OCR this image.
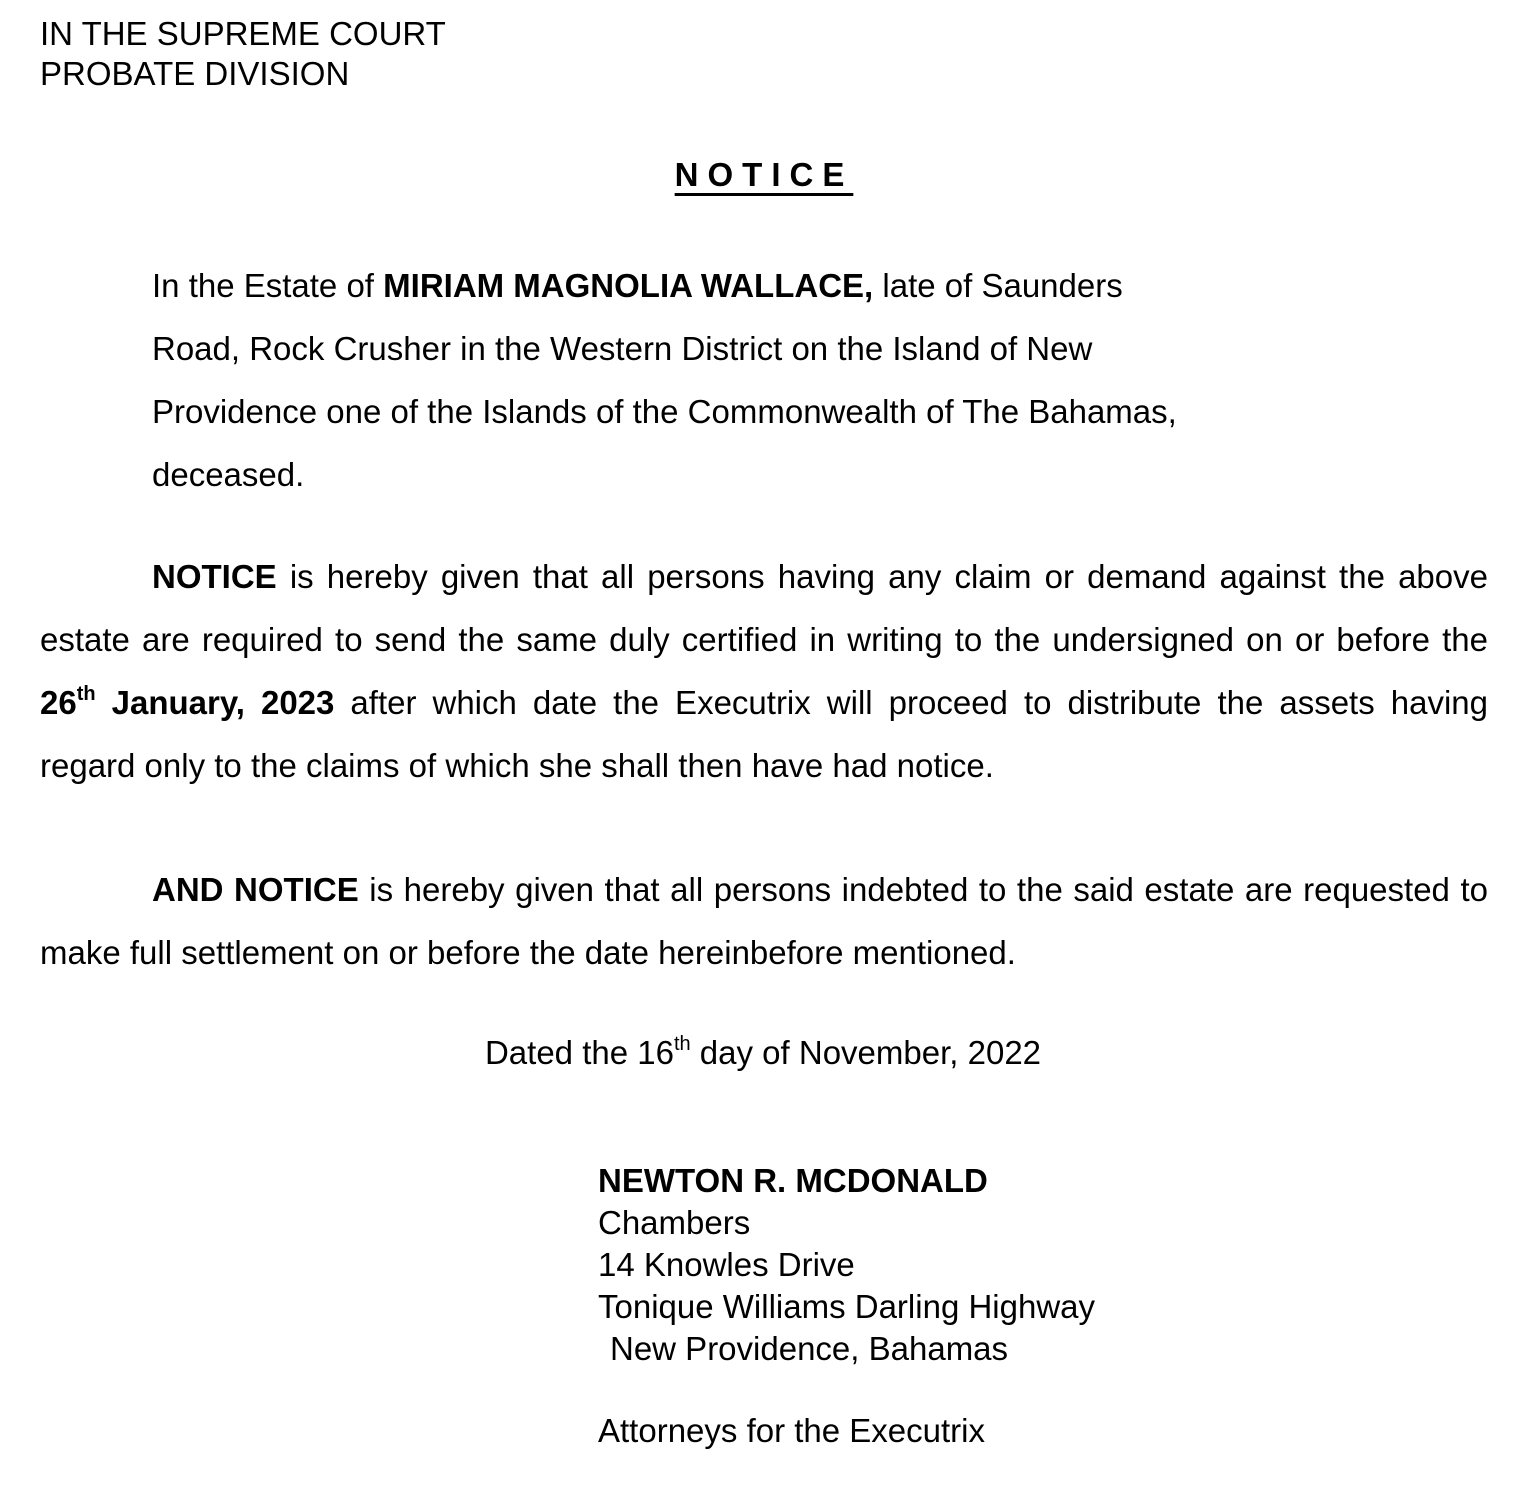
IN THE SUPREME COURT
PROBATE DIVISION
NOTICE
In the Estate of MIRIAM MAGNOLIA WALLACE, late of Saunders
Road, Rock Crusher in the Western District on the Island of New
Providence one of the Islands of the Commonwealth of The Bahamas,
deceased.
NOTICE is hereby given that all persons having any claim or demand against the above estate are required to send the same duly certified in writing to the undersigned on or before the 26th January, 2023 after which date the Executrix will proceed to distribute the assets having regard only to the claims of which she shall then have had notice.
AND NOTICE is hereby given that all persons indebted to the said estate are requested to make full settlement on or before the date hereinbefore mentioned.
Dated the 16th day of November, 2022
NEWTON R. MCDONALD
Chambers
14 Knowles Drive
Tonique Williams Darling Highway
New Providence, Bahamas
Attorneys for the Executrix
